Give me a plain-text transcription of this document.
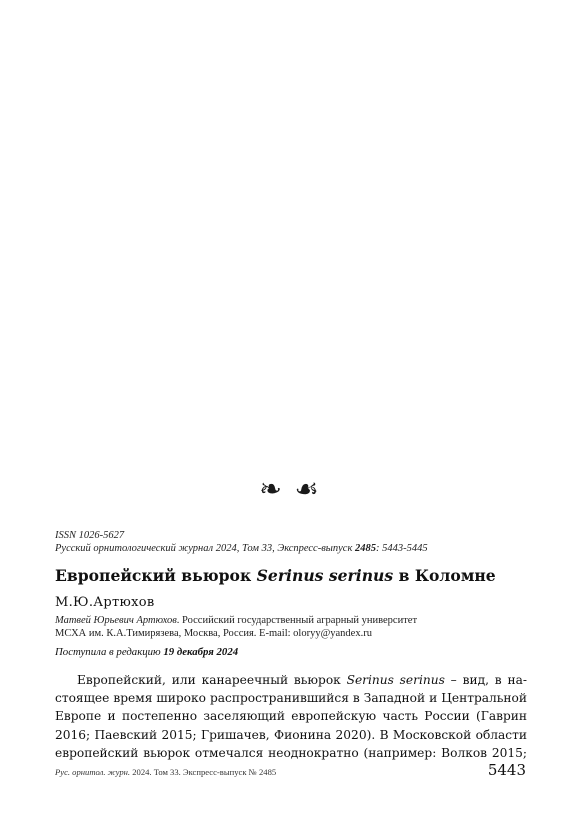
❧ ☙
ISSN 1026-5627
Русский орнитологический журнал 2024, Том 33, Экспресс-выпуск 2485: 5443-5445
Европейский вьюрок Serinus serinus в Коломне
М.Ю.Артюхов
Матвей Юрьевич Артюхов. Российский государственный аграрный университет
МСХА им. К.А.Тимирязева, Москва, Россия. E-mail: oloryy@yandex.ru
Поступила в редакцию 19 декабря 2024
Европейский, или канареечный вьюрок Serinus serinus – вид, в на-
стоящее время широко распространившийся в Западной и Центральной
Европе и постепенно заселяющий европейскую часть России (Гаврин
2016; Паевский 2015; Гришачев, Фионина 2020). В Московской области
европейский вьюрок отмечался неоднократно (например: Волков 2015;
Рус. орнитол. журн. 2024. Том 33. Экспресс-выпуск № 2485	5443
